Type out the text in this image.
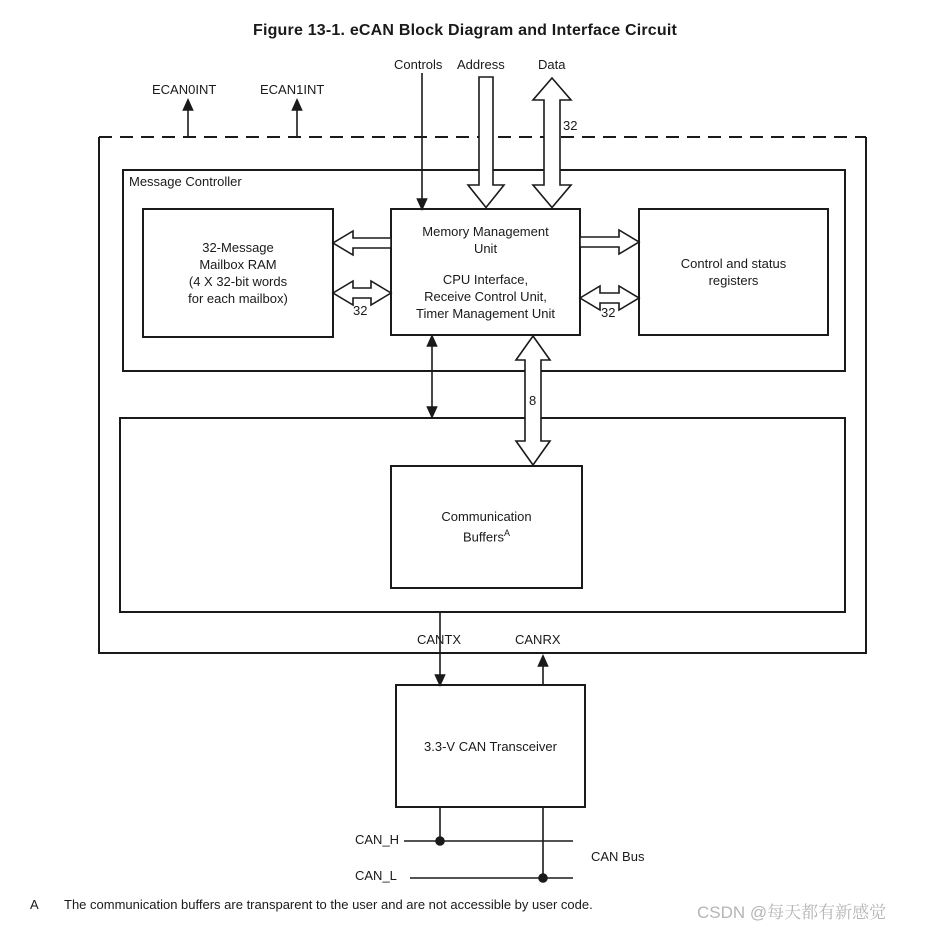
Figure 13-1. eCAN Block Diagram and Interface Circuit
Controls Address	Data
32
ECAN0INT	ECAN1INT
Message Controller
32-Message
Mailbox RAM
(4 X 32-bit words
for each mailbox)
Memory Management
Unit
CPU Interface,
Receive Control Unit,
Timer Management Unit
Control and status
registers
Communication
Buffers$^A$
3.3-V CAN Transceiver
32	32
8
CANTX	CANRX
CAN_H
CAN_L
CAN Bus
A The communication buffers are transparent to the user and are not accessible by user code.	CSDN @每天都有新感觉
